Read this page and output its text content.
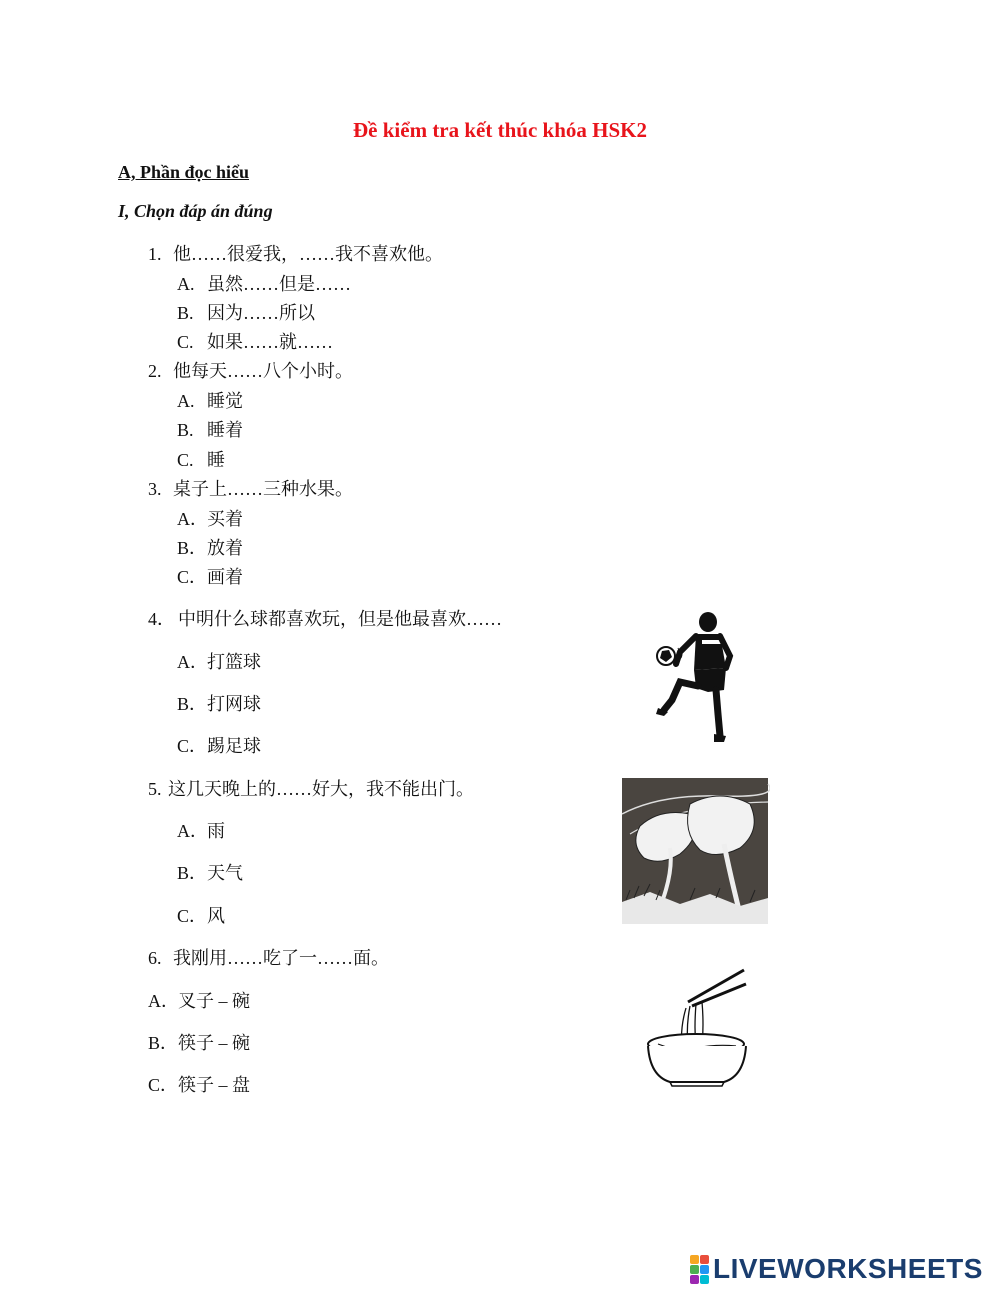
Đề kiểm tra kết thúc khóa HSK2
A, Phần đọc hiểu
I, Chọn đáp án đúng
1. 他……很爱我，……我不喜欢他。
A. 虽然……但是……
B. 因为……所以
C. 如果……就……
2. 他每天……八个小时。
A. 睡觉
B. 睡着
C. 睡
3. 桌子上……三种水果。
A．买着
B．放着
C．画着
4． 中明什么球都喜欢玩，但是他最喜欢……
A．打篮球
B．打网球
C．踢足球
5. 这几天晚上的……好大，我不能出门。
A．雨
B．天气
C．风
6. 我刚用……吃了一……面。
A．叉子 – 碗
B．筷子 – 碗
C．筷子 – 盘
LIVEWORKSHEETS
